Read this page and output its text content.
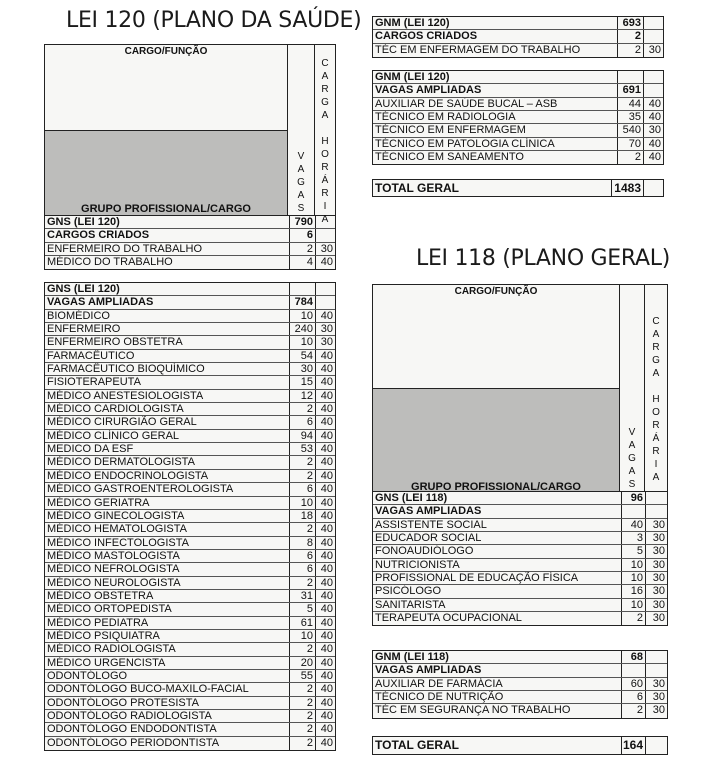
LEI 120 (PLANO DA SAÚDE)
LEI 118 (PLANO GERAL)
CARGO/FUNÇÃO
GRUPO PROFISSIONAL/CARGO
V
A
G
A
S
C
A
R
G
A
H
O
R
Á
R
I
A
GNS (LEI 120)	790
CARGOS CRIADOS	6
ENFERMEIRO DO TRABALHO	2 30
MÉDICO DO TRABALHO	4 40
GNS (LEI 120)
VAGAS AMPLIADAS	784
BIOMÉDICO	10 40
ENFERMEIRO	240 30
ENFERMEIRO OBSTETRA	10 30
FARMACÊUTICO	54 40
FARMACÊUTICO BIOQUÍMICO	30 40
FISIOTERAPEUTA	15 40
MÉDICO ANESTESIOLOGISTA	12 40
MÉDICO CARDIOLOGISTA	2 40
MÉDICO CIRURGIÃO GERAL	6 40
MÉDICO CLÍNICO GERAL	94 40
MEDICO DA ESF	53 40
MÉDICO DERMATOLOGISTA	2 40
MÉDICO ENDOCRINOLOGISTA	2 40
MÉDICO GASTROENTEROLOGISTA	6 40
MÉDICO GERIATRA	10 40
MÉDICO GINECOLOGISTA	18 40
MÉDICO HEMATOLOGISTA	2 40
MÉDICO INFECTOLOGISTA	8 40
MÉDICO MASTOLOGISTA	6 40
MÉDICO NEFROLOGISTA	6 40
MÉDICO NEUROLOGISTA	2 40
MÉDICO OBSTETRA	31 40
MÉDICO ORTOPEDISTA	5 40
MÉDICO PEDIATRA	61 40
MÉDICO PSIQUIATRA	10 40
MÉDICO RADIOLOGISTA	2 40
MÉDICO URGENCISTA	20 40
ODONTÓLOGO	55 40
ODONTÓLOGO BUCO-MAXILO-FACIAL	2 40
ODONTÓLOGO PROTESISTA	2 40
ODONTÓLOGO RADIOLOGISTA	2 40
ODONTÓLOGO ENDODONTISTA	2 40
ODONTÓLOGO PERIODONTISTA	2 40
GNM (LEI 120)	693
CARGOS CRIADOS	2
TÉC EM ENFERMAGEM DO TRABALHO	2 30
GNM (LEI 120)
VAGAS AMPLIADAS	691
AUXILIAR DE SAÚDE BUCAL – ASB	44 40
TÉCNICO EM RADIOLOGIA	35 40
TÉCNICO EM ENFERMAGEM	540 30
TÉCNICO EM PATOLOGIA CLÍNICA	70 40
TÉCNICO EM SANEAMENTO	2 40
TOTAL GERAL	1483
CARGO/FUNÇÃO
GRUPO PROFISSIONAL/CARGO
V
A
G
A
S
C
A
R
G
A
H
O
R
Á
R
I
A
GNS (LEI 118)	96
VAGAS AMPLIADAS
ASSISTENTE SOCIAL	40 30
EDUCADOR SOCIAL	3 30
FONOAUDIÓLOGO	5 30
NUTRICIONISTA	10 30
PROFISSIONAL DE EDUCAÇÃO FÍSICA	10 30
PSICÓLOGO	16 30
SANITARISTA	10 30
TERAPEUTA OCUPACIONAL	2 30
GNM (LEI 118)	68
VAGAS AMPLIADAS
AUXILIAR DE FARMÁCIA	60 30
TÉCNICO DE NUTRIÇÃO	6 30
TÉC EM SEGURANÇA NO TRABALHO	2 30
TOTAL GERAL	164
